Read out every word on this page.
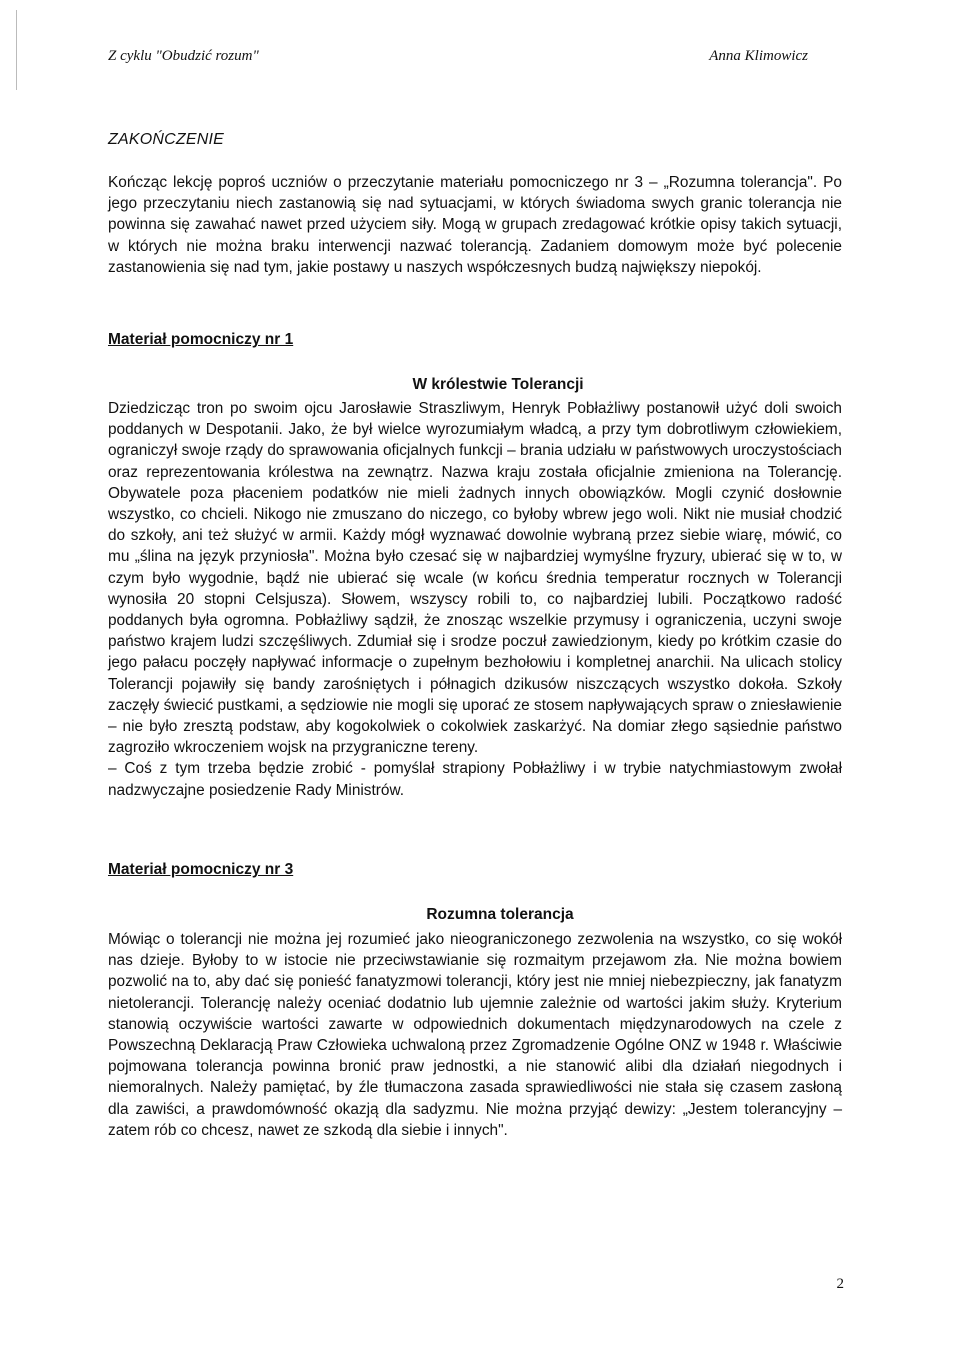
Z cyklu "Obudzić rozum"	Anna Klimowicz
ZAKOŃCZENIE

Kończąc lekcję poproś uczniów o przeczytanie materiału pomocniczego nr 3 – „Rozumna tolerancja". Po jego przeczytaniu niech zastanowią się nad sytuacjami, w których świadoma swych granic tolerancja nie powinna się zawahać nawet przed użyciem siły. Mogą w grupach zredagować krótkie opisy takich sytuacji, w których nie można braku interwencji nazwać tolerancją. Zadaniem domowym może być polecenie zastanowienia się nad tym, jakie postawy u naszych współczesnych budzą największy niepokój.

Materiał pomocniczy nr 1
W królestwie Tolerancji

Dziedzicząc tron po swoim ojcu Jarosławie Straszliwym, Henryk Pobłażliwy postanowił użyć doli swoich poddanych w Despotanii. Jako, że był wielce wyrozumiałym władcą, a przy tym dobrotliwym człowiekiem, ograniczył swoje rządy do sprawowania oficjalnych funkcji – brania udziału w państwowych uroczystościach oraz reprezentowania królestwa na zewnątrz. Nazwa kraju została oficjalnie zmieniona na Tolerancję. Obywatele poza płaceniem podatków nie mieli żadnych innych obowiązków. Mogli czynić dosłownie wszystko, co chcieli. Nikogo nie zmuszano do niczego, co byłoby wbrew jego woli. Nikt nie musiał chodzić do szkoły, ani też służyć w armii. Każdy mógł wyznawać dowolnie wybraną przez siebie wiarę, mówić, co mu „ślina na język przyniosła". Można było czesać się w najbardziej wymyślne fryzury, ubierać się w to, w czym było wygodnie, bądź nie ubierać się wcale (w końcu średnia temperatur rocznych w Tolerancji wynosiła 20 stopni Celsjusza). Słowem, wszyscy robili to, co najbardziej lubili. Początkowo radość poddanych była ogromna. Pobłażliwy sądził, że znosząc wszelkie przymusy i ograniczenia, uczyni swoje państwo krajem ludzi szczęśliwych. Zdumiał się i srodze poczuł zawiedzionym, kiedy po krótkim czasie do jego pałacu poczęły napływać informacje o zupełnym bezhołowiu i kompletnej anarchii. Na ulicach stolicy Tolerancji pojawiły się bandy zarośniętych i półnagich dzikusów niszczących wszystko dokoła. Szkoły zaczęły świecić pustkami, a sędziowie nie mogli się uporać ze stosem napływających spraw o zniesławienie – nie było zresztą podstaw, aby kogokolwiek o cokolwiek zaskarżyć. Na domiar złego sąsiednie państwo zagroziło wkroczeniem wojsk na przygraniczne tereny.

– Coś z tym trzeba będzie zrobić - pomyślał strapiony Pobłażliwy i w trybie natychmiastowym zwołał nadzwyczajne posiedzenie Rady Ministrów.

Materiał pomocniczy nr 3
Rozumna tolerancja

Mówiąc o tolerancji nie można jej rozumieć jako nieograniczonego zezwolenia na wszystko, co się wokół nas dzieje. Byłoby to w istocie nie przeciwstawianie się rozmaitym przejawom zła. Nie można bowiem pozwolić na to, aby dać się ponieść fanatyzmowi tolerancji, który jest nie mniej niebezpieczny, jak fanatyzm nietolerancji. Tolerancję należy oceniać dodatnio lub ujemnie zależnie od wartości jakim służy. Kryterium stanowią oczywiście wartości zawarte w odpowiednich dokumentach międzynarodowych na czele z Powszechną Deklaracją Praw Człowieka uchwaloną przez Zgromadzenie Ogólne ONZ w 1948 r. Właściwie pojmowana tolerancja powinna bronić praw jednostki, a nie stanowić alibi dla działań niegodnych i niemoralnych. Należy pamiętać, by źle tłumaczona zasada sprawiedliwości nie stała się czasem zasłoną dla zawiści, a prawdomówność okazją dla sadyzmu. Nie można przyjąć dewizy: „Jestem tolerancyjny – zatem rób co chcesz, nawet ze szkodą dla siebie i innych".

2
